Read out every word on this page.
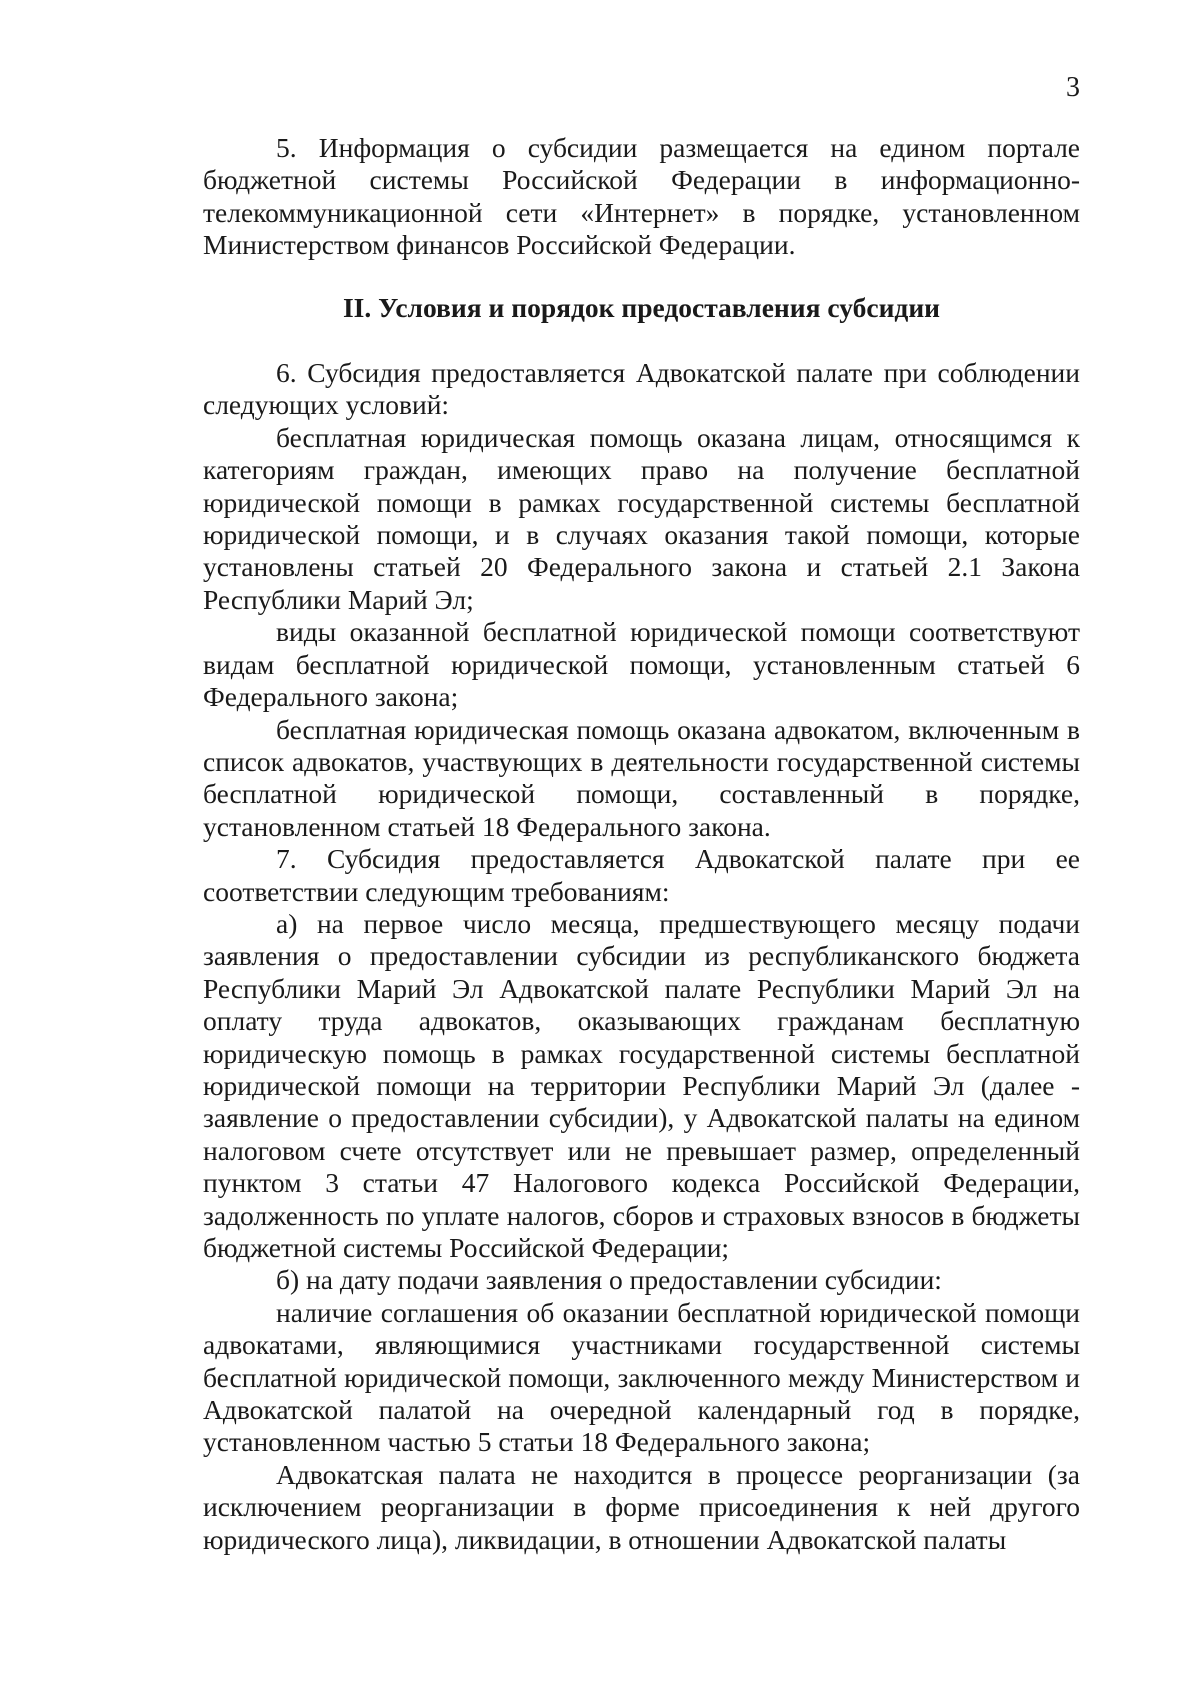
3

5. Информация о субсидии размещается на едином портале бюджетной системы Российской Федерации в информационно-телекоммуникационной сети «Интернет» в порядке, установленном Министерством финансов Российской Федерации.

II. Условия и порядок предоставления субсидии

6. Субсидия предоставляется Адвокатской палате при соблюдении следующих условий:

бесплатная юридическая помощь оказана лицам, относящимся к категориям граждан, имеющих право на получение бесплатной юридической помощи в рамках государственной системы бесплатной юридической помощи, и в случаях оказания такой помощи, которые установлены статьей 20 Федерального закона и статьей 2.1 Закона Республики Марий Эл;

виды оказанной бесплатной юридической помощи соответствуют видам бесплатной юридической помощи, установленным статьей 6 Федерального закона;

бесплатная юридическая помощь оказана адвокатом, включенным в список адвокатов, участвующих в деятельности государственной системы бесплатной юридической помощи, составленный в порядке, установленном статьей 18 Федерального закона.

7. Субсидия предоставляется Адвокатской палате при ее соответствии следующим требованиям:

а) на первое число месяца, предшествующего месяцу подачи заявления о предоставлении субсидии из республиканского бюджета Республики Марий Эл Адвокатской палате Республики Марий Эл на оплату труда адвокатов, оказывающих гражданам бесплатную юридическую помощь в рамках государственной системы бесплатной юридической помощи на территории Республики Марий Эл (далее - заявление о предоставлении субсидии), у Адвокатской палаты на едином налоговом счете отсутствует или не превышает размер, определенный пунктом 3 статьи 47 Налогового кодекса Российской Федерации, задолженность по уплате налогов, сборов и страховых взносов в бюджеты бюджетной системы Российской Федерации;

б) на дату подачи заявления о предоставлении субсидии:

наличие соглашения об оказании бесплатной юридической помощи адвокатами, являющимися участниками государственной системы бесплатной юридической помощи, заключенного между Министерством и Адвокатской палатой на очередной календарный год в порядке, установленном частью 5 статьи 18 Федерального закона;

Адвокатская палата не находится в процессе реорганизации (за исключением реорганизации в форме присоединения к ней другого юридического лица), ликвидации, в отношении Адвокатской палаты
